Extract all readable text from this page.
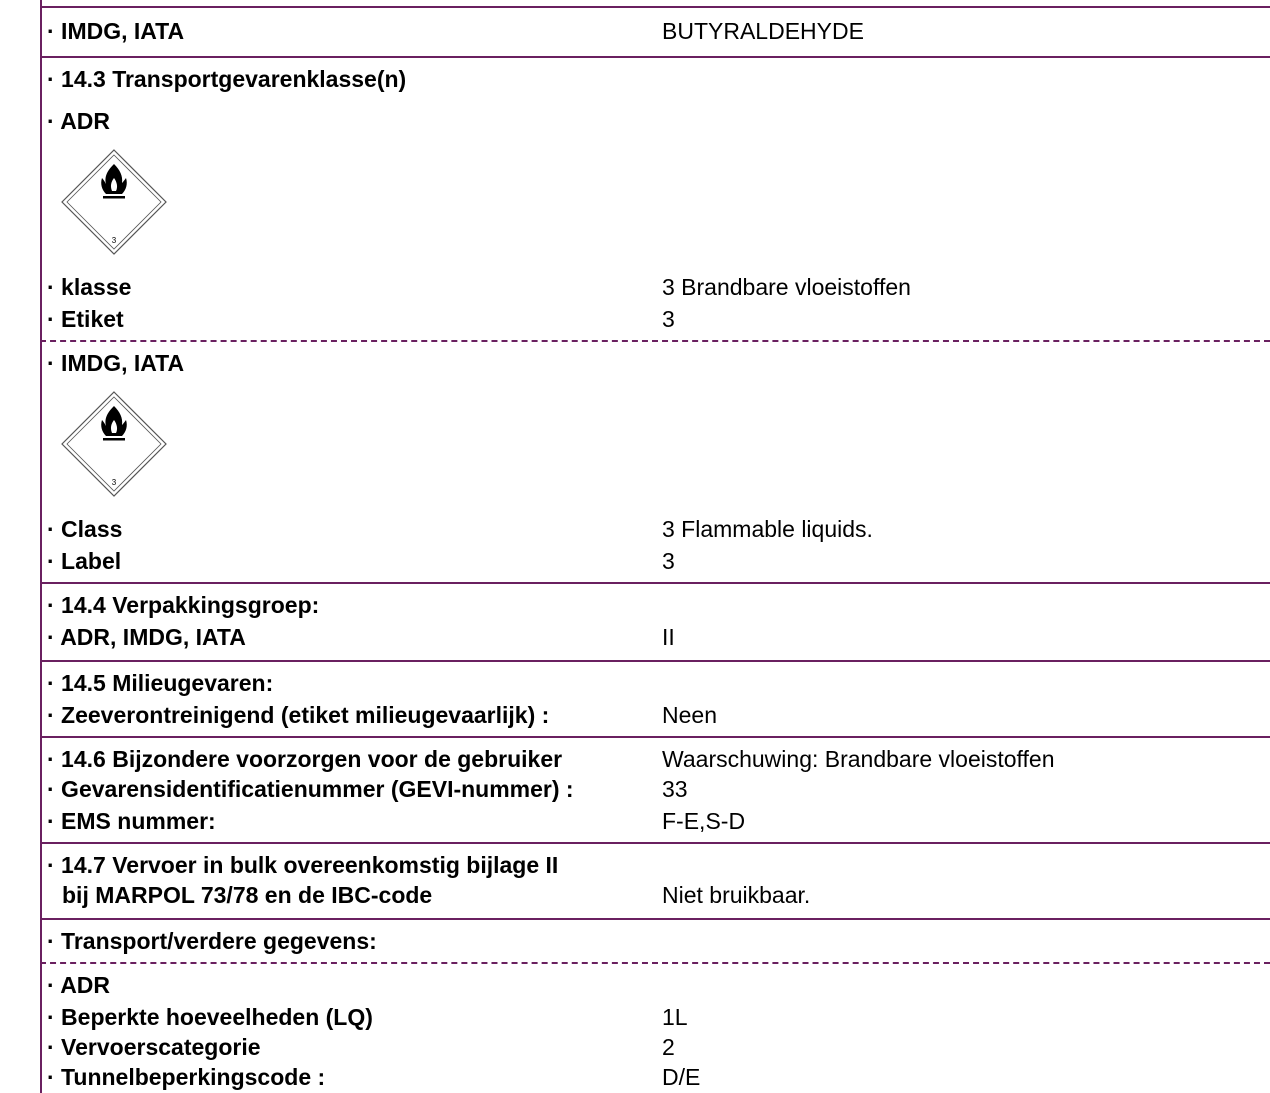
· IMDG, IATA	BUTYRALDEHYDE
· 14.3 Transportgevarenklasse(n)
· ADR
3
· klasse	3 Brandbare vloeistoffen
· Etiket	3
· IMDG, IATA
3
· Class	3 Flammable liquids.
· Label	3
· 14.4 Verpakkingsgroep:
· ADR, IMDG, IATA	II
· 14.5 Milieugevaren:
· Zeeverontreinigend (etiket milieugevaarlijk) :	Neen
· 14.6 Bijzondere voorzorgen voor de gebruiker	Waarschuwing: Brandbare vloeistoffen
· Gevarensidentificatienummer (GEVI-nummer) :	33
· EMS nummer:	F-E,S-D
· 14.7 Vervoer in bulk overeenkomstig bijlage II
bij MARPOL 73/78 en de IBC-code	Niet bruikbaar.
· Transport/verdere gegevens:
· ADR
· Beperkte hoeveelheden (LQ)	1L
· Vervoerscategorie	2
· Tunnelbeperkingscode :	D/E
